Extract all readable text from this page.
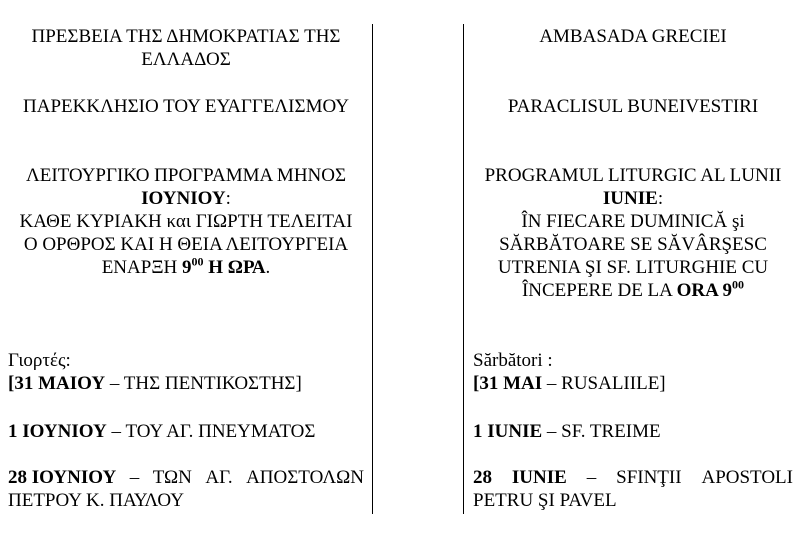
ΠΡΕΣΒΕΙΑ ΤΗΣ ΔΗΜΟΚΡΑΤΙΑΣ ΤΗΣ
ΕΛΛΑΔΟΣ
ΠΑΡΕΚΚΛΗΣΙΟ ΤΟΥ ΕΥΑΓΓΕΛΙΣΜΟΥ
ΛΕΙΤΟΥΡΓΙΚΟ ΠΡΟΓΡΑΜΜΑ ΜΗΝΟΣ
ΙΟΥΝΙΟΥ:
ΚΑΘΕ ΚΥΡΙΑΚΗ και ΓΙΩΡΤΗ ΤΕΛΕΙΤΑΙ
Ο ΟΡΘΡΟΣ ΚΑΙ Η ΘΕΙΑ ΛΕΙΤΟΥΡΓΕΙΑ
ΕΝΑΡΞΗ $9^{00}$ Η ΩΡΑ.
Γιορτές:
[31 ΜΑΙΟΥ – ΤΗΣ ΠΕΝΤΙΚΟΣΤΗΣ]
1 ΙΟΥΝΙΟΥ – ΤΟΥ ΑΓ. ΠΝΕΥΜΑΤΟΣ
28 ΙΟΥΝΙΟΥ – ΤΩΝ ΑΓ. ΑΠΟΣΤΟΛΩΝ
ΠΕΤΡΟΥ Κ. ΠΑΥΛΟΥ
AMBASADA GRECIEI
PARACLISUL BUNEIVESTIRI
PROGRAMUL LITURGIC AL LUNII
IUNIE:
ÎN FIECARE DUMINICĂ şi
SĂRBĂTOARE SE SĂVÂRŞESC
UTRENIA ŞI SF. LITURGHIE CU
ÎNCEPERE DE LA ORA $9^{00}$
Sărbători :
[31 MAI – RUSALIILE]
1 IUNIE – SF. TREIME
28 IUNIE – SFINŢII APOSTOLI
PETRU ŞI PAVEL
